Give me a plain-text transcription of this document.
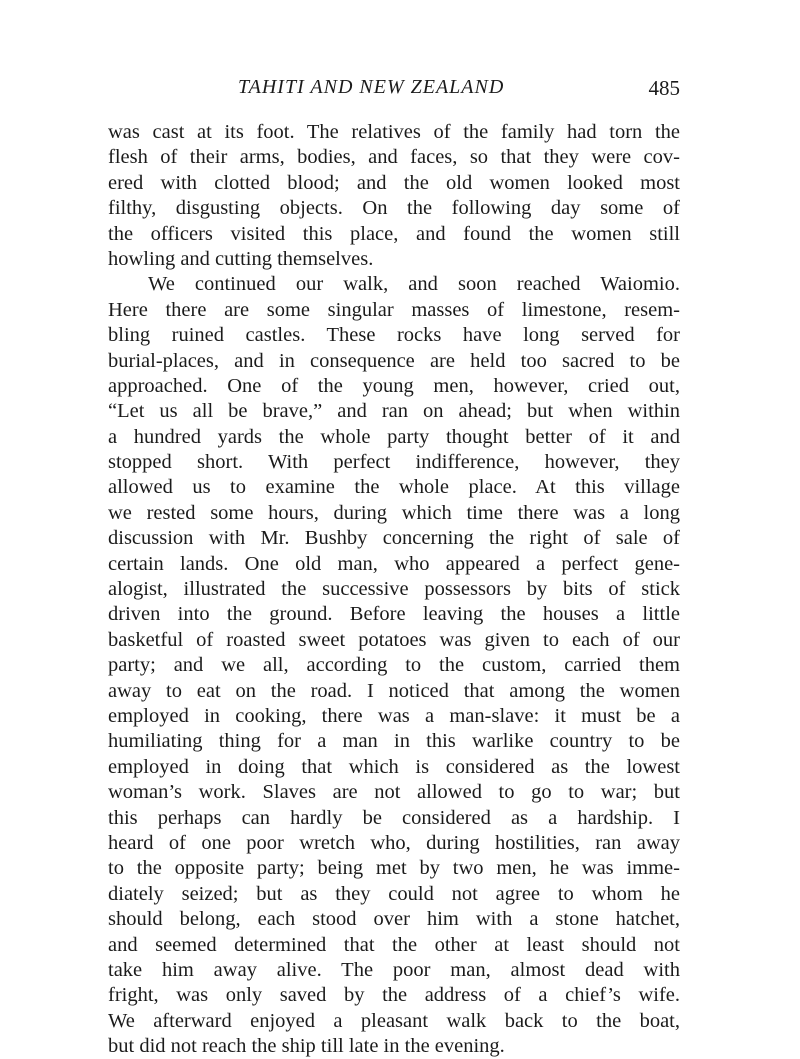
TAHITI AND NEW ZEALAND	485
was cast at its foot. The relatives of the family had torn the
flesh of their arms, bodies, and faces, so that they were cov-
ered with clotted blood; and the old women looked most
filthy, disgusting objects. On the following day some of
the officers visited this place, and found the women still
howling and cutting themselves.
We continued our walk, and soon reached Waiomio.
Here there are some singular masses of limestone, resem-
bling ruined castles. These rocks have long served for
burial-places, and in consequence are held too sacred to be
approached. One of the young men, however, cried out,
“Let us all be brave,” and ran on ahead; but when within
a hundred yards the whole party thought better of it and
stopped short. With perfect indifference, however, they
allowed us to examine the whole place. At this village
we rested some hours, during which time there was a long
discussion with Mr. Bushby concerning the right of sale of
certain lands. One old man, who appeared a perfect gene-
alogist, illustrated the successive possessors by bits of stick
driven into the ground. Before leaving the houses a little
basketful of roasted sweet potatoes was given to each of our
party; and we all, according to the custom, carried them
away to eat on the road. I noticed that among the women
employed in cooking, there was a man-slave: it must be a
humiliating thing for a man in this warlike country to be
employed in doing that which is considered as the lowest
woman’s work. Slaves are not allowed to go to war; but
this perhaps can hardly be considered as a hardship. I
heard of one poor wretch who, during hostilities, ran away
to the opposite party; being met by two men, he was imme-
diately seized; but as they could not agree to whom he
should belong, each stood over him with a stone hatchet,
and seemed determined that the other at least should not
take him away alive. The poor man, almost dead with
fright, was only saved by the address of a chief’s wife.
We afterward enjoyed a pleasant walk back to the boat,
but did not reach the ship till late in the evening.
